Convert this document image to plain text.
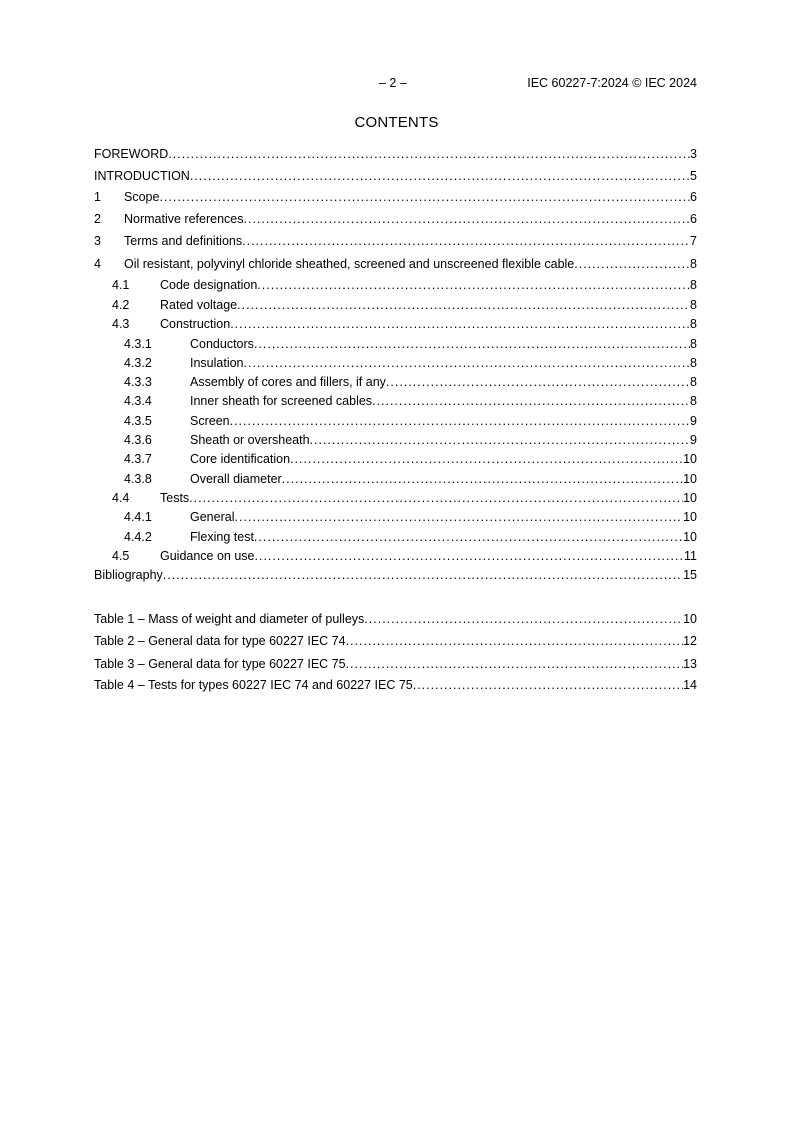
– 2 –	IEC 60227-7:2024 © IEC 2024
CONTENTS
FOREWORD .....	3
INTRODUCTION .....	5
1 Scope .....	6
2 Normative references .....	6
3 Terms and definitions .....	7
4 Oil resistant, polyvinyl chloride sheathed, screened and unscreened flexible cable .....	8
4.1 Code designation .....	8
4.2 Rated voltage .....	8
4.3 Construction .....	8
4.3.1	Conductors .....	8
4.3.2	Insulation .....	8
4.3.3	Assembly of cores and fillers, if any .....	8
4.3.4	Inner sheath for screened cables .....	8
4.3.5	Screen .....	9
4.3.6	Sheath or oversheath .....	9
4.3.7	Core identification .....	10
4.3.8	Overall diameter .....	10
4.4 Tests .....	10
4.4.1	General .....	10
4.4.2	Flexing test .....	10
4.5 Guidance on use .....	11
Bibliography .....	15
Table 1 – Mass of weight and diameter of pulleys .....	10
Table 2 – General data for type 60227 IEC 74 .....	12
Table 3 – General data for type 60227 IEC 75 .....	13
Table 4 – Tests for types 60227 IEC 74 and 60227 IEC 75 .....	14
